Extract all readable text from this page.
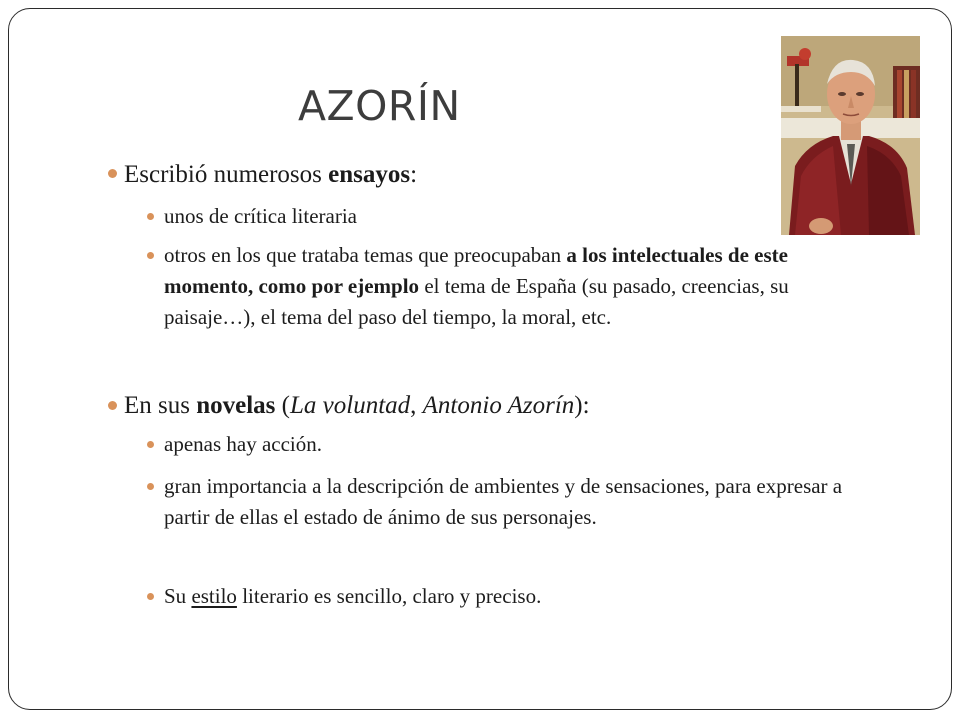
AZORÍN

Escribió numerosos ensayos:

unos de crítica literaria

otros en los que trataba temas que preocupaban a los intelectuales de este momento, como por ejemplo el tema de España (su pasado, creencias, su paisaje…), el tema del paso del tiempo, la moral, etc.

En sus novelas (La voluntad, Antonio Azorín):

apenas hay acción.

gran importancia a la descripción de ambientes y de sensaciones, para expresar a partir de ellas el estado de ánimo de sus personajes.

Su estilo literario es sencillo, claro y preciso.
